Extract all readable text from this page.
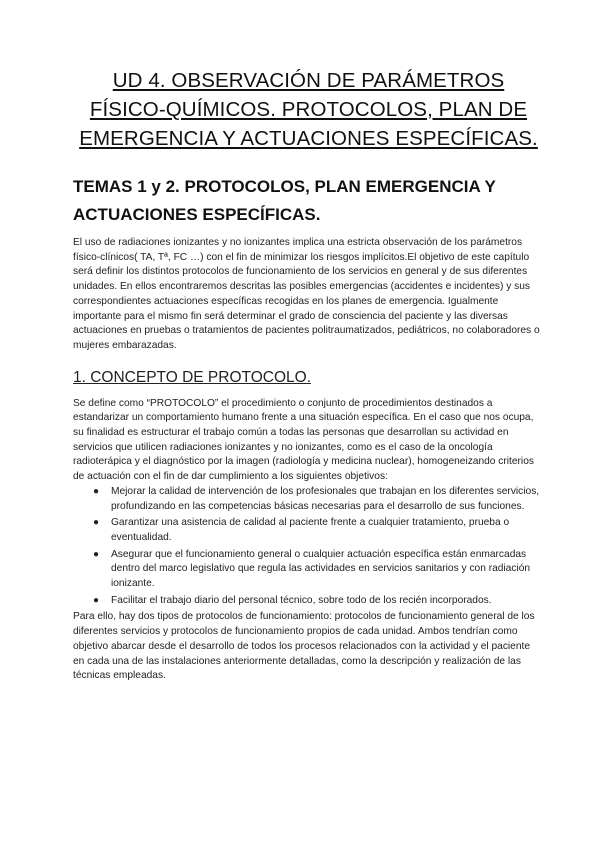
UD 4. OBSERVACIÓN DE PARÁMETROS FÍSICO-QUÍMICOS. PROTOCOLOS, PLAN DE EMERGENCIA Y ACTUACIONES ESPECÍFICAS.
TEMAS 1 y 2. PROTOCOLOS, PLAN EMERGENCIA Y ACTUACIONES ESPECÍFICAS.

El uso de radiaciones ionizantes y no ionizantes implica una estricta observación de los parámetros físico-clínicos( TA, Tª, FC …) con el fin de minimizar los riesgos implícitos.El objetivo de este capítulo será definir los distintos protocolos de funcionamiento de los servicios en general y de sus diferentes unidades. En ellos encontraremos descritas las posibles emergencias (accidentes e incidentes) y sus correspondientes actuaciones específicas recogidas en los planes de emergencia. Igualmente importante para el mismo fin será determinar el grado de consciencia del paciente y las diversas actuaciones en pruebas o tratamientos de pacientes politraumatizados, pediátricos, no colaboradores o mujeres embarazadas.

1. CONCEPTO DE PROTOCOLO.

Se define como “PROTOCOLO” el procedimiento o conjunto de procedimientos destinados a estandarizar un comportamiento humano frente a una situación específica. En el caso que nos ocupa, su finalidad es estructurar el trabajo común a todas las personas que desarrollan su actividad en servicios que utilicen radiaciones ionizantes y no ionizantes, como es el caso de la oncología radioterápica y el diagnóstico por la imagen (radiología y medicina nuclear), homogeneizando criterios de actuación con el fin de dar cumplimiento a los siguientes objetivos:

● Mejorar la calidad de intervención de los profesionales que trabajan en los diferentes servicios, profundizando en las competencias básicas necesarias para el desarrollo de sus funciones.
● Garantizar una asistencia de calidad al paciente frente a cualquier tratamiento, prueba o eventualidad.
● Asegurar que el funcionamiento general o cualquier actuación específica están enmarcadas dentro del marco legislativo que regula las actividades en servicios sanitarios y con radiación ionizante.
● Facilitar el trabajo diario del personal técnico, sobre todo de los recién incorporados.

Para ello, hay dos tipos de protocolos de funcionamiento: protocolos de funcionamiento general de los diferentes servicios y protocolos de funcionamiento propios de cada unidad. Ambos tendrían como objetivo abarcar desde el desarrollo de todos los procesos relacionados con la actividad y el paciente en cada una de las instalaciones anteriormente detalladas, como la descripción y realización de las técnicas empleadas.
